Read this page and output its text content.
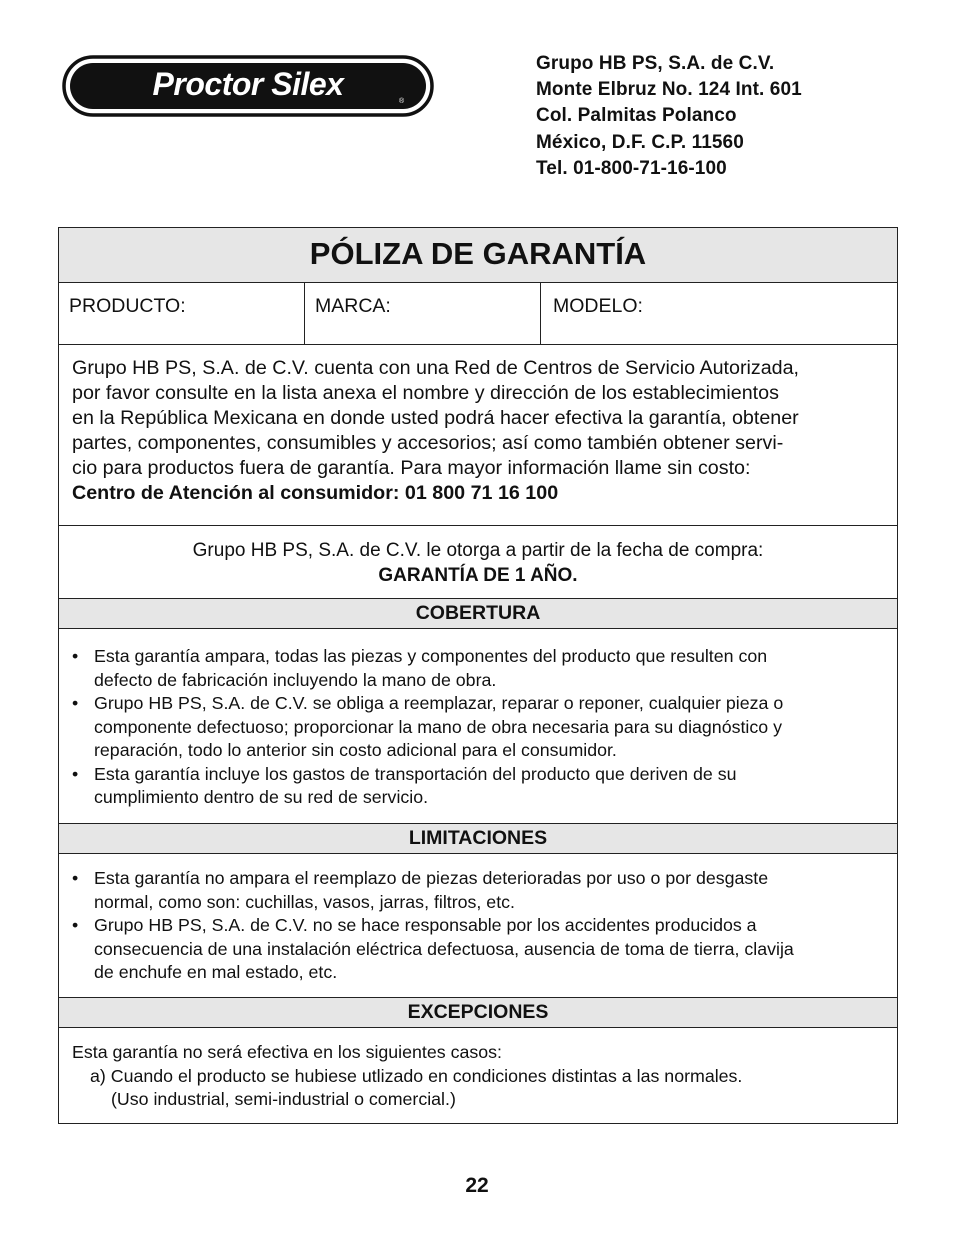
Proctor Silex	®
Grupo HB PS, S.A. de C.V.
Monte Elbruz No. 124 Int. 601
Col. Palmitas Polanco
México, D.F. C.P. 11560
Tel. 01-800-71-16-100
PÓLIZA DE GARANTÍA
PRODUCTO:	MARCA:	MODELO:
Grupo HB PS, S.A. de C.V. cuenta con una Red de Centros de Servicio Autorizada,
por favor consulte en la lista anexa el nombre y dirección de los establecimientos
en la República Mexicana en donde usted podrá hacer efectiva la garantía, obtener
partes, componentes, consumibles y accesorios; así como también obtener servi-
cio para productos fuera de garantía. Para mayor información llame sin costo:
Centro de Atención al consumidor: 01 800 71 16 100
Grupo HB PS, S.A. de C.V. le otorga a partir de la fecha de compra:
GARANTÍA DE 1 AÑO.
COBERTURA
• Esta garantía ampara, todas las piezas y componentes del producto que resulten con
defecto de fabricación incluyendo la mano de obra.
• Grupo HB PS, S.A. de C.V. se obliga a reemplazar, reparar o reponer, cualquier pieza o
componente defectuoso; proporcionar la mano de obra necesaria para su diagnóstico y
reparación, todo lo anterior sin costo adicional para el consumidor.
• Esta garantía incluye los gastos de transportación del producto que deriven de su
cumplimiento dentro de su red de servicio.
LIMITACIONES
• Esta garantía no ampara el reemplazo de piezas deterioradas por uso o por desgaste
normal, como son: cuchillas, vasos, jarras, filtros, etc.
• Grupo HB PS, S.A. de C.V. no se hace responsable por los accidentes producidos a
consecuencia de una instalación eléctrica defectuosa, ausencia de toma de tierra, clavija
de enchufe en mal estado, etc.
EXCEPCIONES
Esta garantía no será efectiva en los siguientes casos:
a) Cuando el producto se hubiese utlizado en condiciones distintas a las normales.
(Uso industrial, semi-industrial o comercial.)
22
